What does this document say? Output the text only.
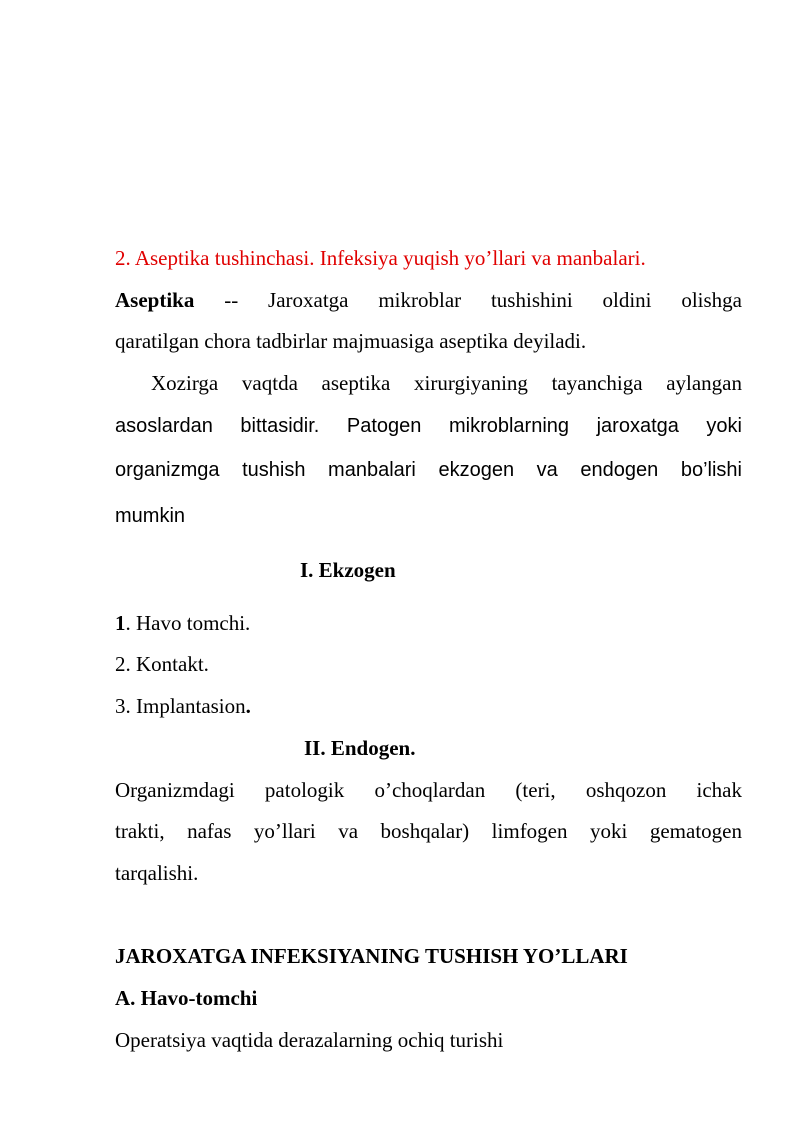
2. Aseptika tushinchasi. Infeksiya yuqish yo’llari va manbalari.
Aseptika -- Jaroxatga mikroblar tushishini oldini olishga
qaratilgan chora tadbirlar majmuasiga aseptika deyiladi.
Xozirga vaqtda aseptika xirurgiyaning tayanchiga aylangan
asoslardan bittasidir. Patogen mikroblarning jaroxatga yoki
organizmga tushish manbalari ekzogen va endogen bo’lishi
mumkin
I. Ekzogen
1. Havo tomchi.
2. Kontakt.
3. Implantasion.
II. Endogen.
Organizmdagi patologik o’choqlardan (teri, oshqozon ichak
trakti, nafas yo’llari va boshqalar) limfogen yoki gematogen
tarqalishi.
JAROXATGA INFEKSIYANING TUSHISH YO’LLARI
A. Havo-tomchi
Operatsiya vaqtida derazalarning ochiq turishi
